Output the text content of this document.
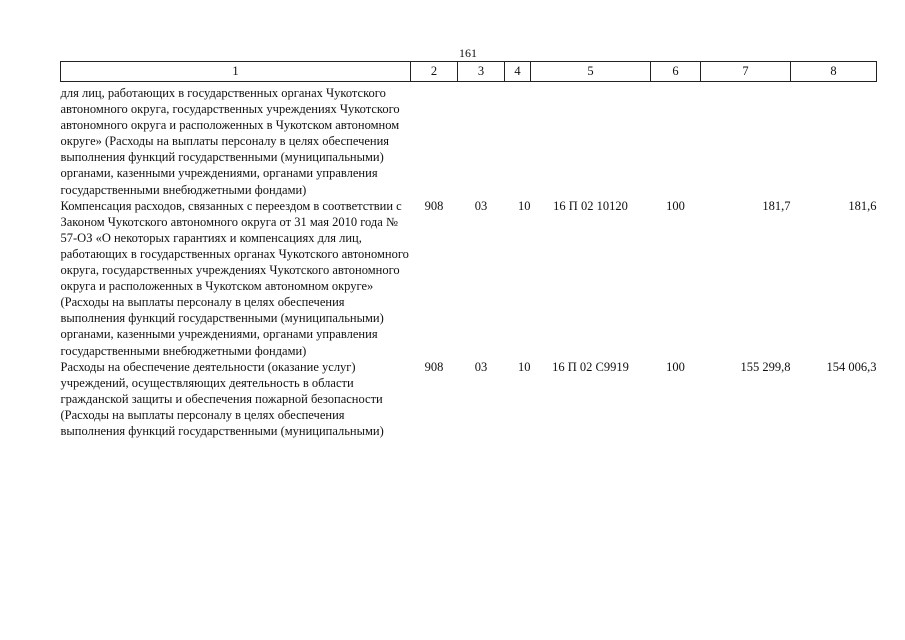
161
1	2	3	4	5	6	7	8
для лиц, работающих в государственных органах Чукотского автономного округа, государственных учреждениях Чукотского автономного округа и расположенных в Чукотском автономном округе» (Расходы на выплаты персоналу в целях обеспечения выполнения функций государственными (муниципальными) органами, казенными учреждениями, органами управления государственными внебюджетными фондами)							
Компенсация расходов, связанных с переездом в соответствии с Законом Чукотского автономного округа от 31 мая 2010 года № 57-ОЗ «О некоторых гарантиях и компенсациях для лиц, работающих в государственных органах Чукотского автономного округа, государственных учреждениях Чукотского автономного округа и расположенных в Чукотском автономном округе» (Расходы на выплаты персоналу в целях обеспечения выполнения функций государственными (муниципальными) органами, казенными учреждениями, органами управления государственными внебюджетными фондами)	908	03	10	16 П 02 10120	100	181,7	181,6
Расходы на обеспечение деятельности (оказание услуг) учреждений, осуществляющих деятельность в области гражданской защиты и обеспечения пожарной безопасности (Расходы на выплаты персоналу в целях обеспечения выполнения функций государственными (муниципальными)	908	03	10	16 П 02 С9919	100	155 299,8	154 006,3
